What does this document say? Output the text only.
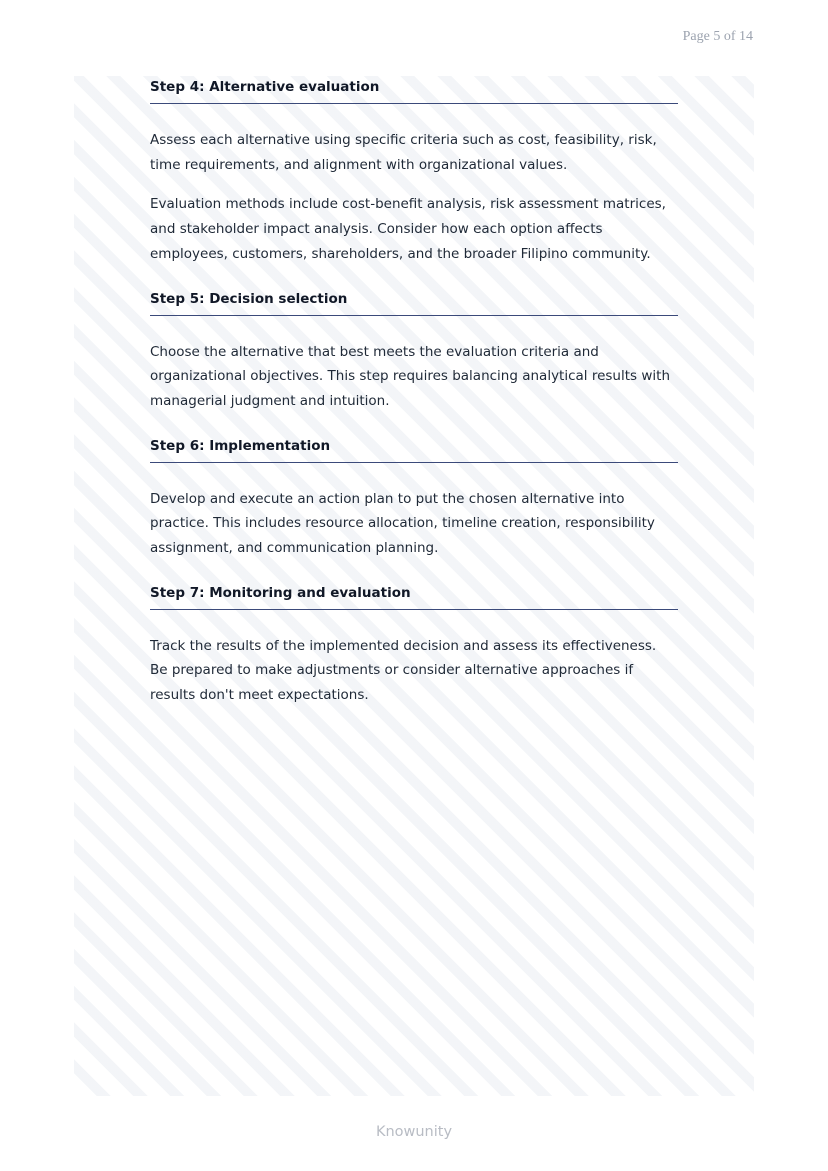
Page 5 of 14
Step 4: Alternative evaluation

Assess each alternative using specific criteria such as cost, feasibility, risk, time requirements, and alignment with organizational values.

Evaluation methods include cost-benefit analysis, risk assessment matrices, and stakeholder impact analysis. Consider how each option affects employees, customers, shareholders, and the broader Filipino community.

Step 5: Decision selection

Choose the alternative that best meets the evaluation criteria and organizational objectives. This step requires balancing analytical results with managerial judgment and intuition.

Step 6: Implementation

Develop and execute an action plan to put the chosen alternative into practice. This includes resource allocation, timeline creation, responsibility assignment, and communication planning.

Step 7: Monitoring and evaluation

Track the results of the implemented decision and assess its effectiveness. Be prepared to make adjustments or consider alternative approaches if results don't meet expectations.

Knowunity
